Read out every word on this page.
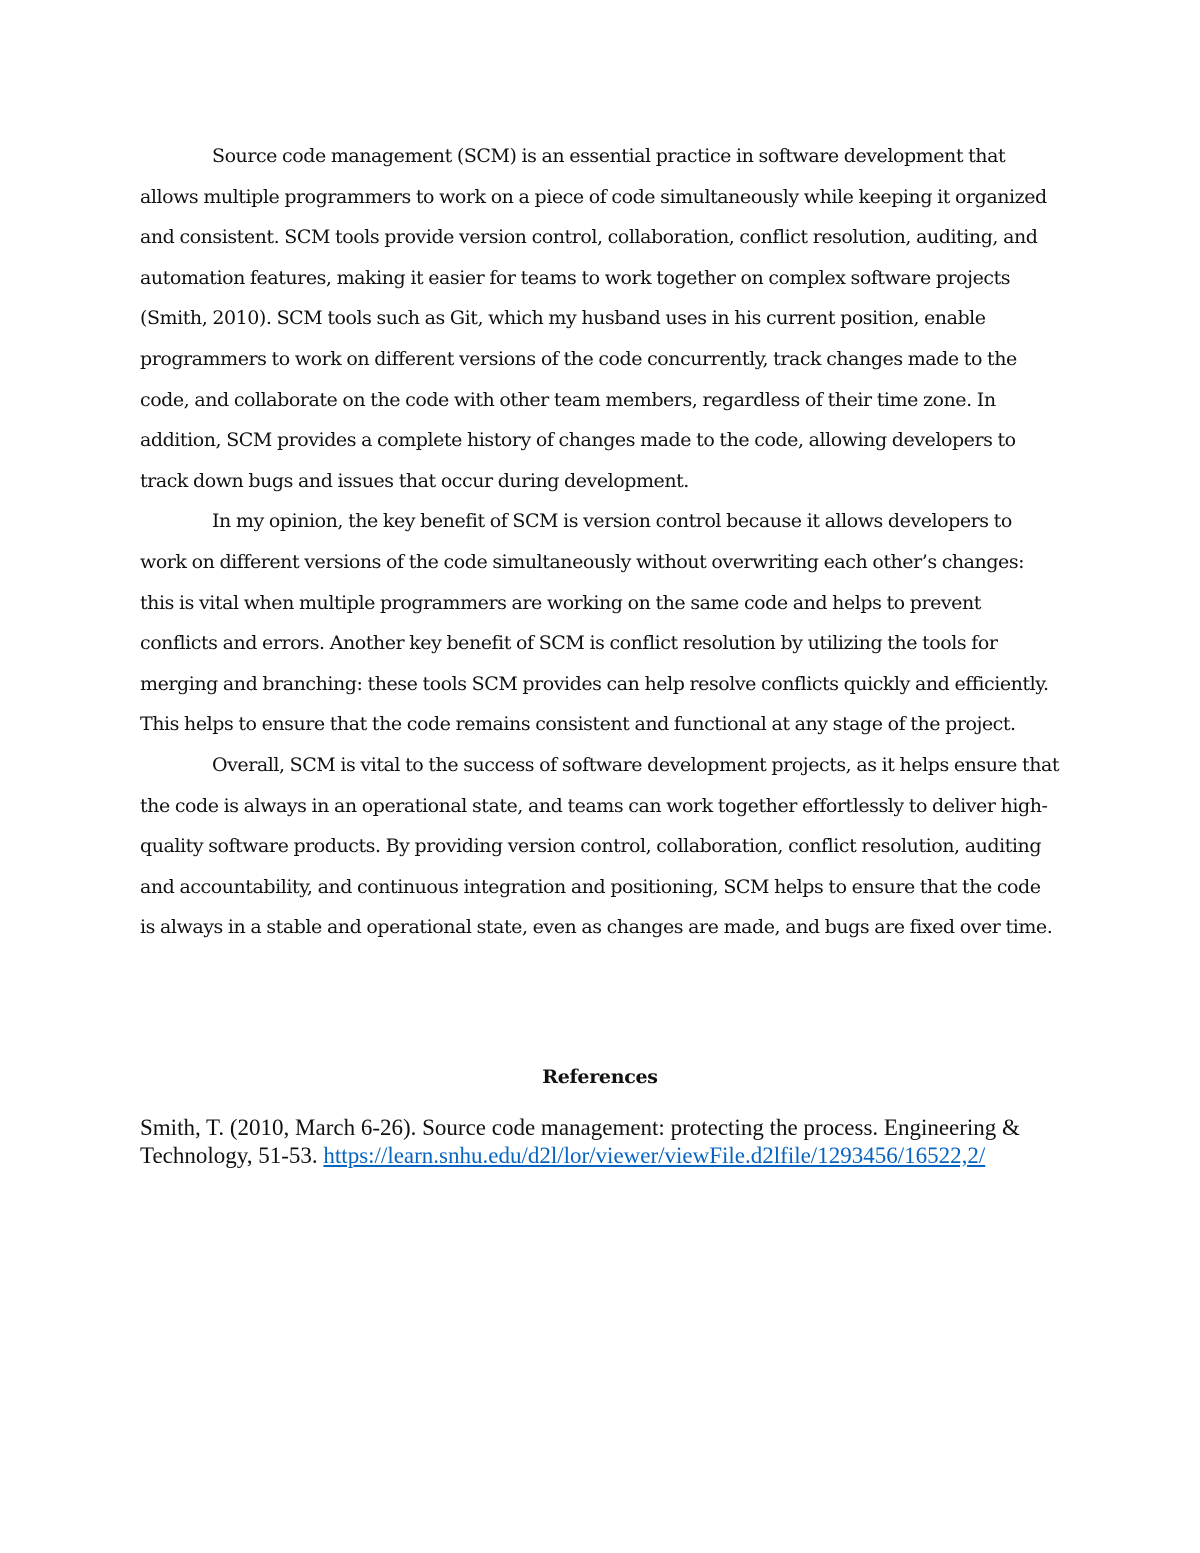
Source code management (SCM) is an essential practice in software development that allows multiple programmers to work on a piece of code simultaneously while keeping it organized and consistent. SCM tools provide version control, collaboration, conflict resolution, auditing, and automation features, making it easier for teams to work together on complex software projects (Smith, 2010). SCM tools such as Git, which my husband uses in his current position, enable programmers to work on different versions of the code concurrently, track changes made to the code, and collaborate on the code with other team members, regardless of their time zone. In addition, SCM provides a complete history of changes made to the code, allowing developers to track down bugs and issues that occur during development.

In my opinion, the key benefit of SCM is version control because it allows developers to work on different versions of the code simultaneously without overwriting each other’s changes: this is vital when multiple programmers are working on the same code and helps to prevent conflicts and errors. Another key benefit of SCM is conflict resolution by utilizing the tools for merging and branching: these tools SCM provides can help resolve conflicts quickly and efficiently. This helps to ensure that the code remains consistent and functional at any stage of the project.

Overall, SCM is vital to the success of software development projects, as it helps ensure that the code is always in an operational state, and teams can work together effortlessly to deliver high-quality software products. By providing version control, collaboration, conflict resolution, auditing and accountability, and continuous integration and positioning, SCM helps to ensure that the code is always in a stable and operational state, even as changes are made, and bugs are fixed over time.

References

Smith, T. (2010, March 6-26). Source code management: protecting the process. Engineering & Technology, 51-53. https://learn.snhu.edu/d2l/lor/viewer/viewFile.d2lfile/1293456/16522,2/
